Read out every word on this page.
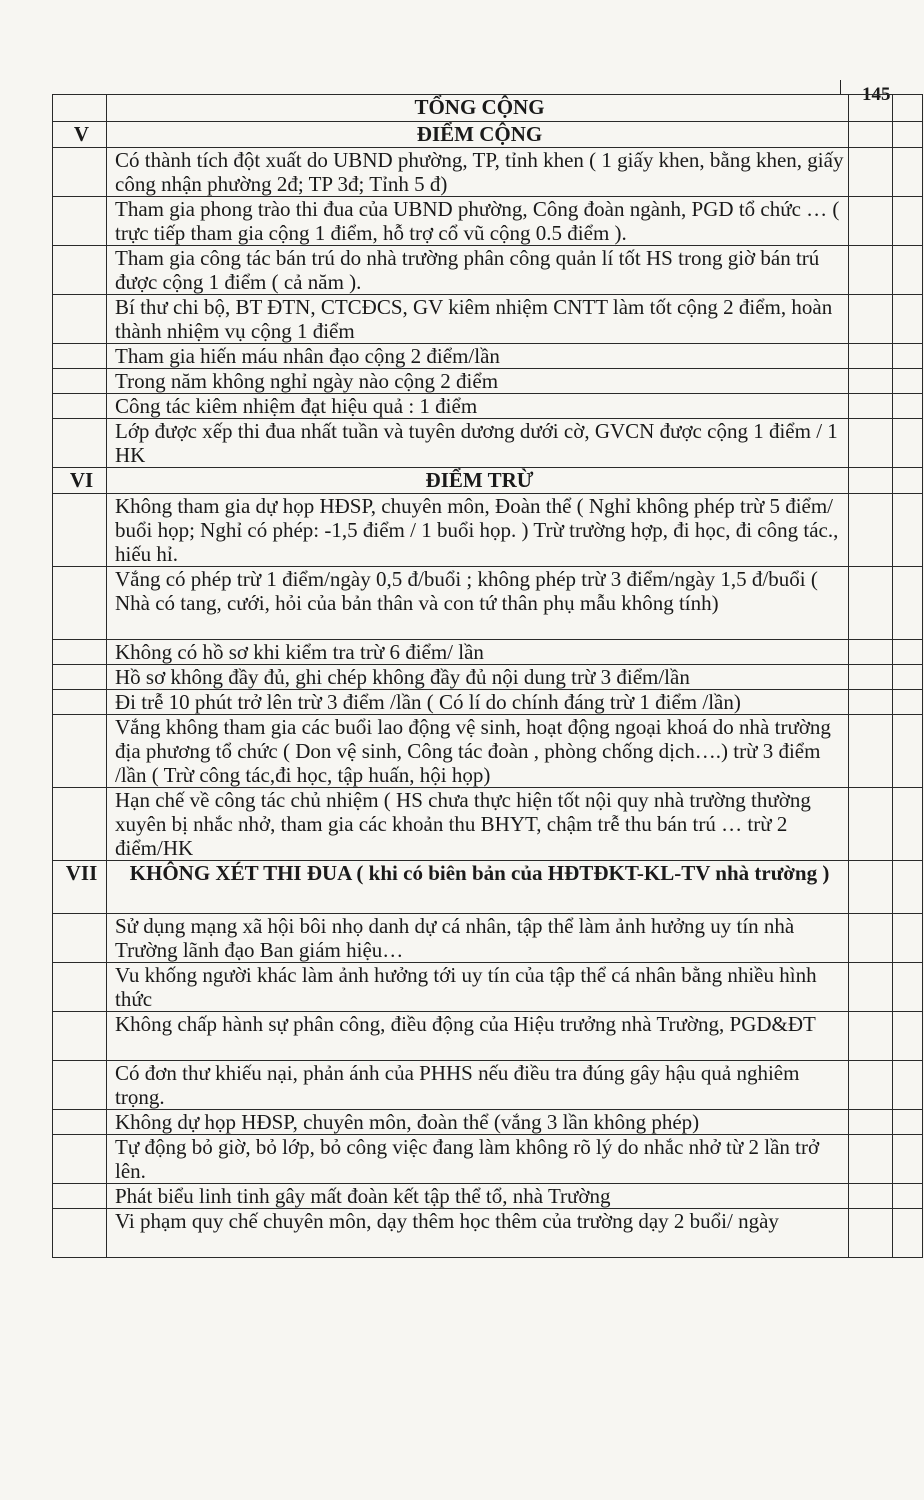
145
	TỔNG CỘNG		
V	ĐIỂM CỘNG		
	Có thành tích đột xuất do UBND phường, TP, tỉnh khen ( 1 giấy khen, bằng khen, giấy công nhận phường 2đ; TP 3đ; Tỉnh 5 đ)		
	Tham gia phong trào thi đua của UBND phường, Công đoàn ngành, PGD tổ chức … ( trực tiếp tham gia cộng 1 điểm, hỗ trợ cổ vũ cộng 0.5 điểm ).		
	Tham gia công tác bán trú do nhà trường phân công quản lí tốt HS trong giờ bán trú được cộng 1 điểm ( cả năm ).		
	Bí thư chi bộ, BT ĐTN, CTCĐCS, GV kiêm nhiệm CNTT làm tốt cộng 2 điểm, hoàn thành nhiệm vụ cộng 1 điểm		
	Tham gia hiến máu nhân đạo cộng 2 điểm/lần		
	Trong năm không nghỉ ngày nào cộng 2 điểm		
	Công tác kiêm nhiệm đạt hiệu quả : 1 điểm		
	Lớp được xếp thi đua nhất tuần và tuyên dương dưới cờ, GVCN được cộng 1 điểm / 1 HK		
VI	ĐIỂM TRỪ		
	Không tham gia dự họp HĐSP, chuyên môn, Đoàn thể ( Nghỉ không phép trừ 5 điểm/ buổi họp; Nghỉ có phép: -1,5 điểm / 1 buổi họp. ) Trừ trường hợp, đi học, đi công tác., hiếu hỉ.		
	Vắng có phép trừ 1 điểm/ngày 0,5 đ/buổi ; không phép trừ 3 điểm/ngày 1,5 đ/buổi ( Nhà có tang, cưới, hỏi của bản thân và con tứ thân phụ mẫu không tính)		
	Không có hồ sơ khi kiểm tra trừ 6 điểm/ lần		
	Hồ sơ không đầy đủ, ghi chép không đầy đủ nội dung trừ 3 điểm/lần		
	Đi trễ 10 phút trở lên trừ 3 điểm /lần ( Có lí do chính đáng trừ 1 điểm /lần)		
	Vắng không tham gia các buổi lao động vệ sinh, hoạt động ngoại khoá do nhà trường địa phương tổ chức ( Don vệ sinh, Công tác đoàn , phòng chống dịch….) trừ 3 điểm /lần ( Trừ công tác,đi học, tập huấn, hội họp)		
	Hạn chế về công tác chủ nhiệm ( HS chưa thực hiện tốt nội quy nhà trường thường xuyên bị nhắc nhở, tham gia các khoản thu BHYT, chậm trễ thu bán trú … trừ 2 điểm/HK		
VII	KHÔNG XÉT THI ĐUA ( khi có biên bản của HĐTĐKT-KL-TV nhà trường )		
	Sử dụng mạng xã hội bôi nhọ danh dự cá nhân, tập thể làm ảnh hưởng uy tín nhà Trường lãnh đạo Ban giám hiệu…		
	Vu khống người khác làm ảnh hưởng tới uy tín của tập thể cá nhân bằng nhiều hình thức		
	Không chấp hành sự phân công, điều động của Hiệu trưởng nhà Trường, PGD&ĐT		
	Có đơn thư khiếu nại, phản ánh của PHHS nếu điều tra đúng gây hậu quả nghiêm trọng.		
	Không dự họp HĐSP, chuyên môn, đoàn thể (vắng 3 lần không phép)		
	Tự động bỏ giờ, bỏ lớp, bỏ công việc đang làm không rõ lý do nhắc nhở từ 2 lần trở lên.		
	Phát biểu linh tinh gây mất đoàn kết tập thể tổ, nhà Trường		
	Vi phạm quy chế chuyên môn, dạy thêm học thêm của trường dạy 2 buổi/ ngày		
